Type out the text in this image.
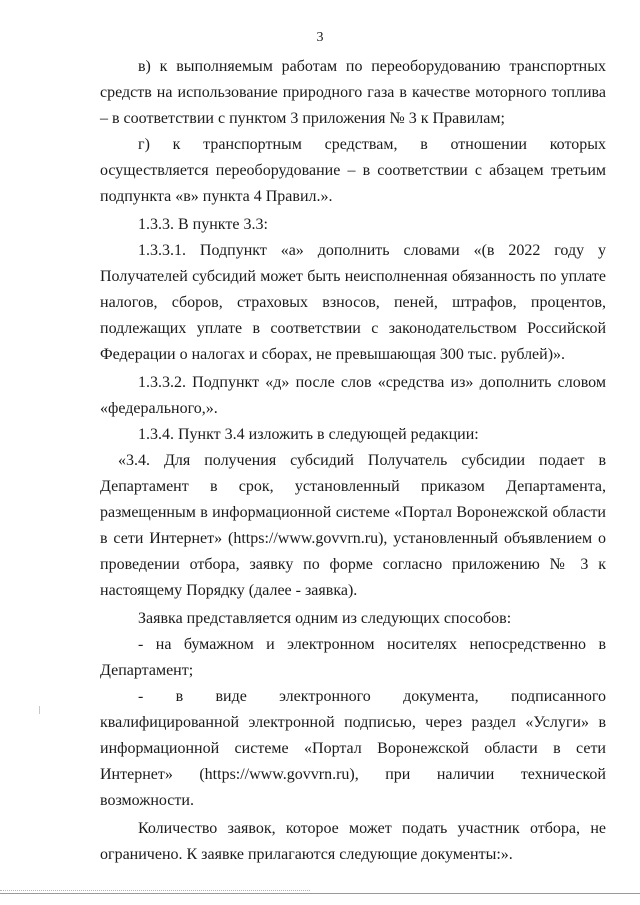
3

в) к выполняемым работам по переоборудованию транспортных средств на использование природного газа в качестве моторного топлива – в соответствии с пунктом 3 приложения № 3 к Правилам;

г) к транспортным средствам, в отношении которых осуществляется переоборудование – в соответствии с абзацем третьим подпункта «в» пункта 4 Правил.».

1.3.3. В пункте 3.3:

1.3.3.1. Подпункт «а» дополнить словами «(в 2022 году у Получателей субсидий может быть неисполненная обязанность по уплате налогов, сборов, страховых взносов, пеней, штрафов, процентов, подлежащих уплате в соответствии с законодательством Российской Федерации о налогах и сборах, не превышающая 300 тыс. рублей)».

1.3.3.2. Подпункт «д» после слов «средства из» дополнить словом «федерального,».

1.3.4. Пункт 3.4 изложить в следующей редакции:

«3.4. Для получения субсидий Получатель субсидии подает в Департамент в срок, установленный приказом Департамента, размещенным в информационной системе «Портал Воронежской области в сети Интернет» (https://www.govvrn.ru), установленный объявлением о проведении отбора, заявку по форме согласно приложению № 3 к настоящему Порядку (далее - заявка).

Заявка представляется одним из следующих способов:

- на бумажном и электронном носителях непосредственно в Департамент;

- в виде электронного документа, подписанного квалифицированной электронной подписью, через раздел «Услуги» в информационной системе «Портал Воронежской области в сети Интернет» (https://www.govvrn.ru), при наличии технической возможности.

Количество заявок, которое может подать участник отбора, не ограничено. К заявке прилагаются следующие документы:».
